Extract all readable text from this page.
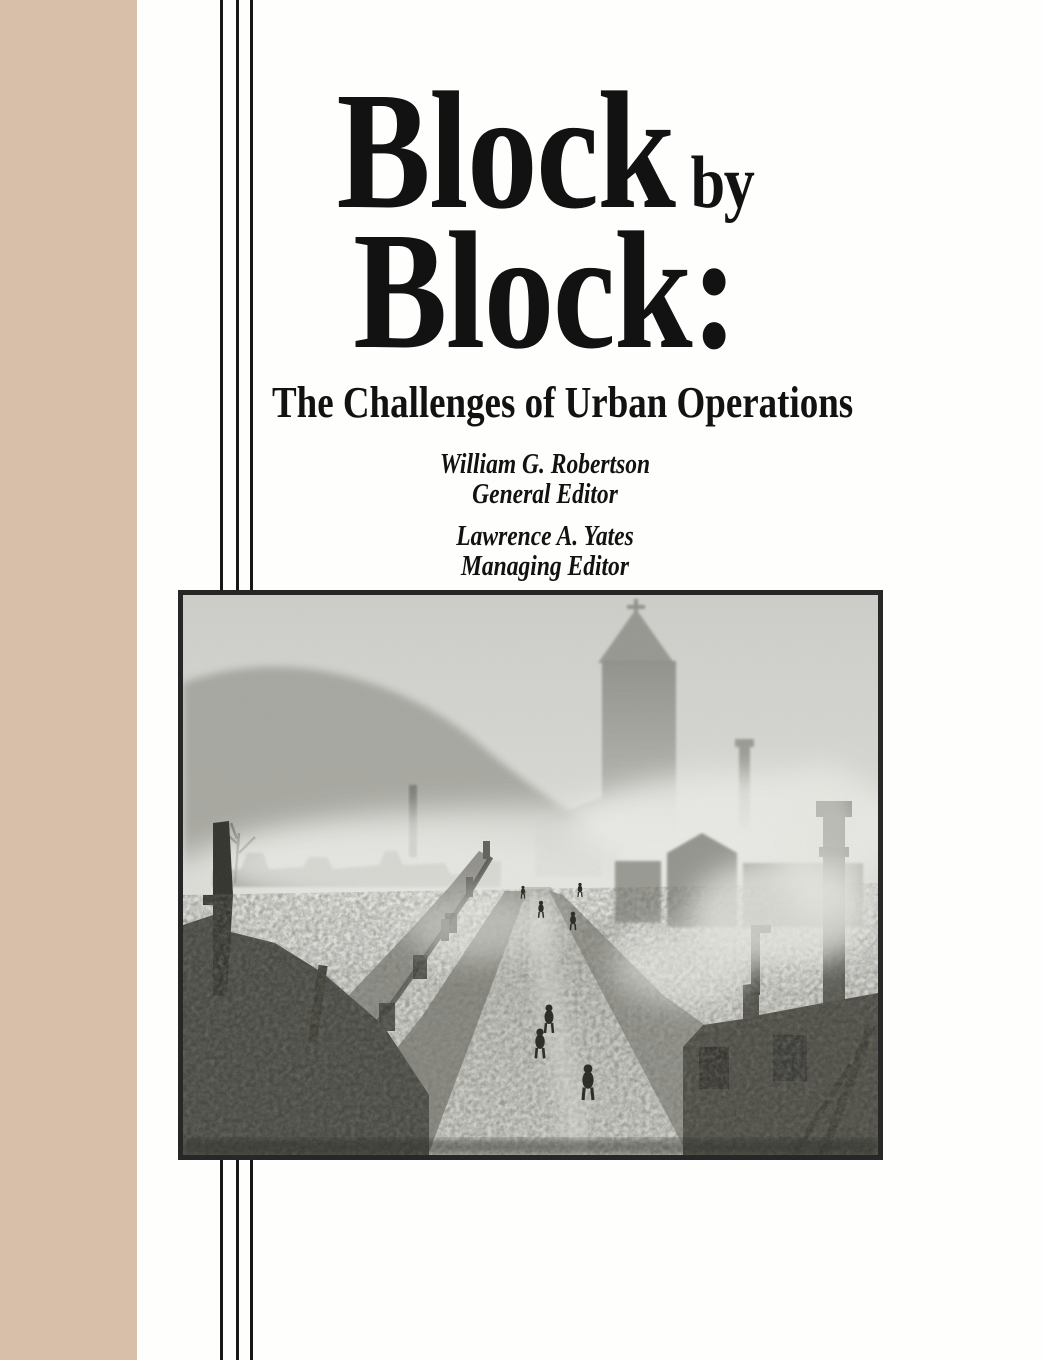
Block by
Block:
The Challenges of Urban Operations

William G. Robertson

General Editor

Lawrence A. Yates

Managing Editor
